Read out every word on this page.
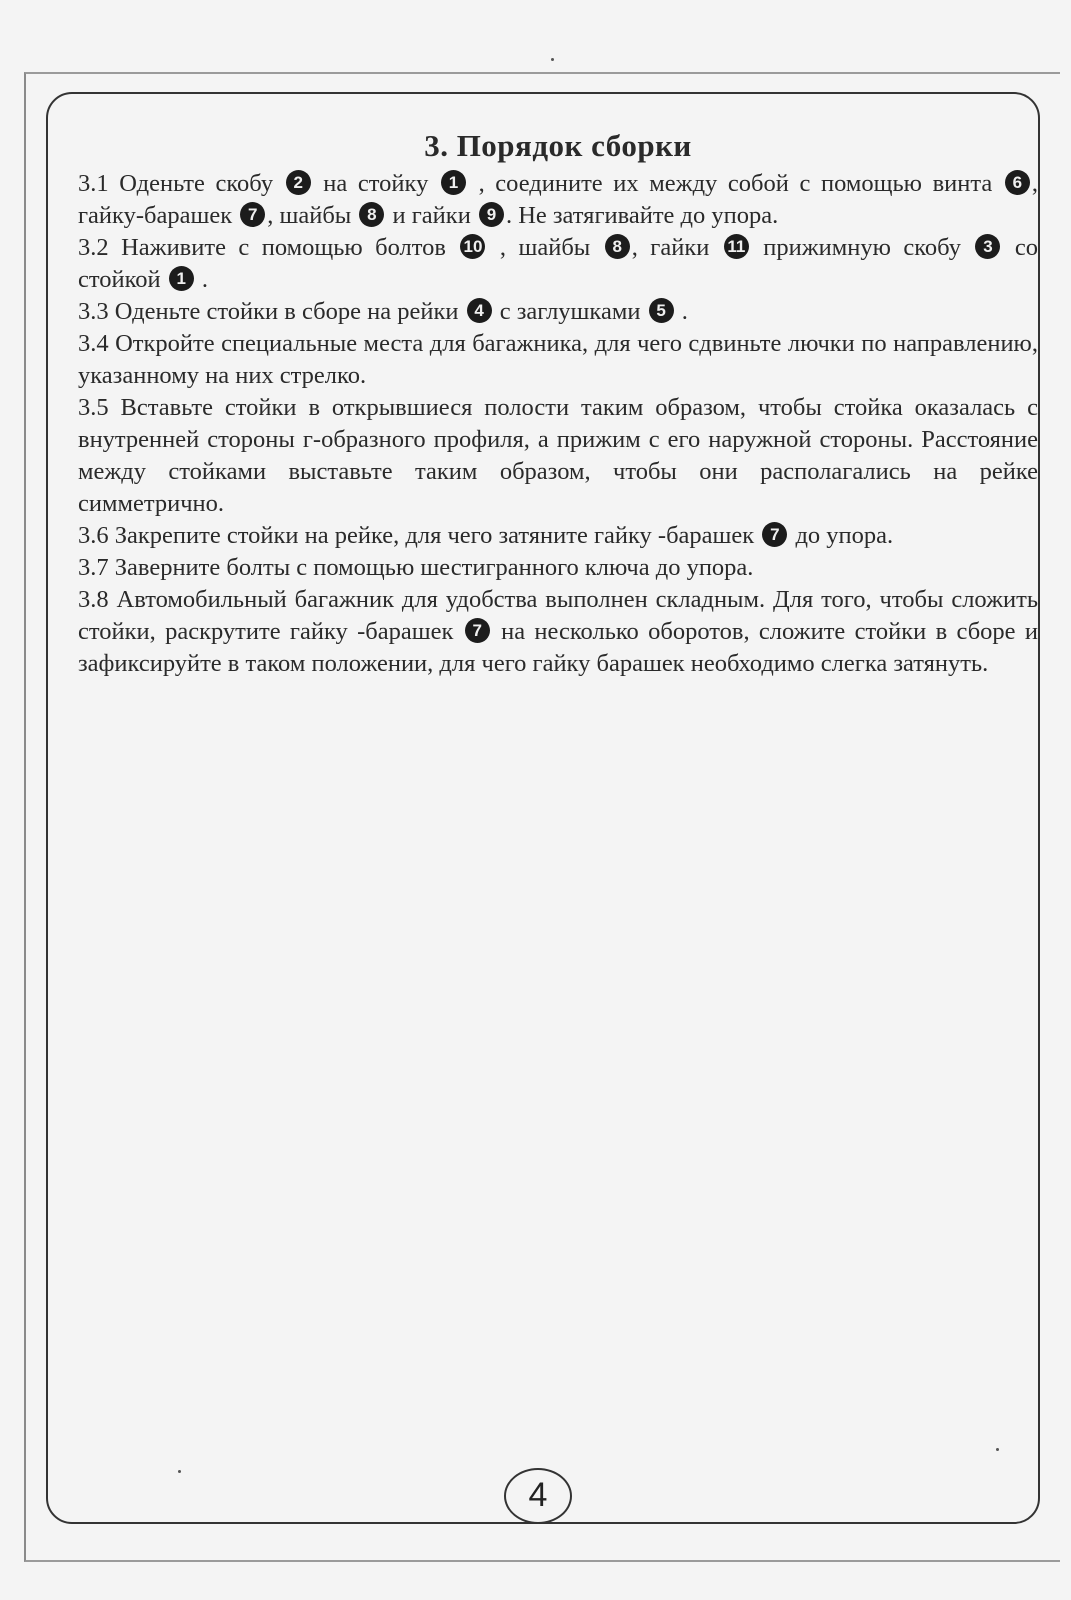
3. Порядок сборки

3.1 Оденьте скобу 2 на стойку 1 , соедините их между собой с помощью винта 6 , гайку-барашек 7 , шайбы 8 и гайки 9 . Не затягивайте до упора.

3.2 Наживите с помощью болтов 10 , шайбы 8 , гайки 11 прижимную скобу 3 со стойкой 1 .

3.3 Оденьте стойки в сборе на рейки 4 с заглушками 5 .

3.4 Откройте специальные места для багажника, для чего сдвиньте лючки по направлению, указанному на них стрелко.

3.5 Вставьте стойки в открывшиеся полости таким образом, чтобы стойка оказалась с внутренней стороны г-образного профиля, а прижим с его наружной стороны. Расстояние между стойками выставьте таким образом, чтобы они располагались на рейке симметрично.

3.6 Закрепите стойки на рейке, для чего затяните гайку -барашек 7 до упора.

3.7 Заверните болты с помощью шестигранного ключа до упора.

3.8 Автомобильный багажник для удобства выполнен складным. Для того, чтобы сложить стойки, раскрутите гайку -барашек 7 на несколько оборотов, сложите стойки в сборе и зафиксируйте в таком положении, для чего гайку барашек необходимо слегка затянуть.

4
